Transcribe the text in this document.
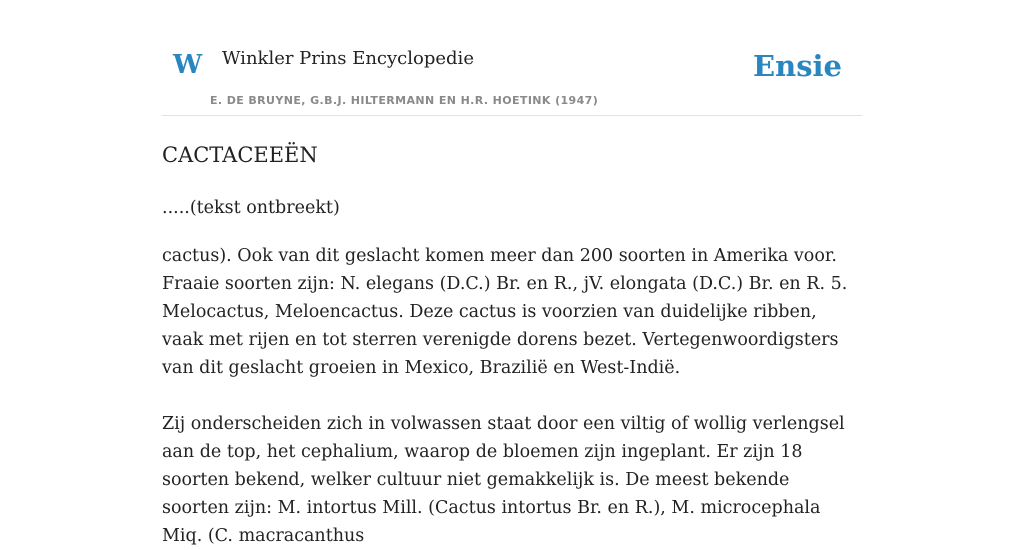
W Winkler Prins Encyclopedie
E. DE BRUYNE, G.B.J. HILTERMANN EN H.R. HOETINK (1947)
Ensie
CACTACEEËN

.....(tekst ontbreekt)

cactus). Ook van dit geslacht komen meer dan 200 soorten in Amerika voor. Fraaie soorten zijn: N. elegans (D.C.) Br. en R., jV. elongata (D.C.) Br. en R. 5. Melocactus, Meloencactus. Deze cactus is voorzien van duidelijke ribben, vaak met rijen en tot sterren verenigde dorens bezet. Vertegenwoordigsters van dit geslacht groeien in Mexico, Brazilië en West-Indië.

Zij onderscheiden zich in volwassen staat door een viltig of wollig verlengsel aan de top, het cephalium, waarop de bloemen zijn ingeplant. Er zijn 18 soorten bekend, welker cultuur niet gemakkelijk is. De meest bekende soorten zijn: M. intortus Mill. (Cactus intortus Br. en R.), M. microcephala Miq. (C. macracanthus
